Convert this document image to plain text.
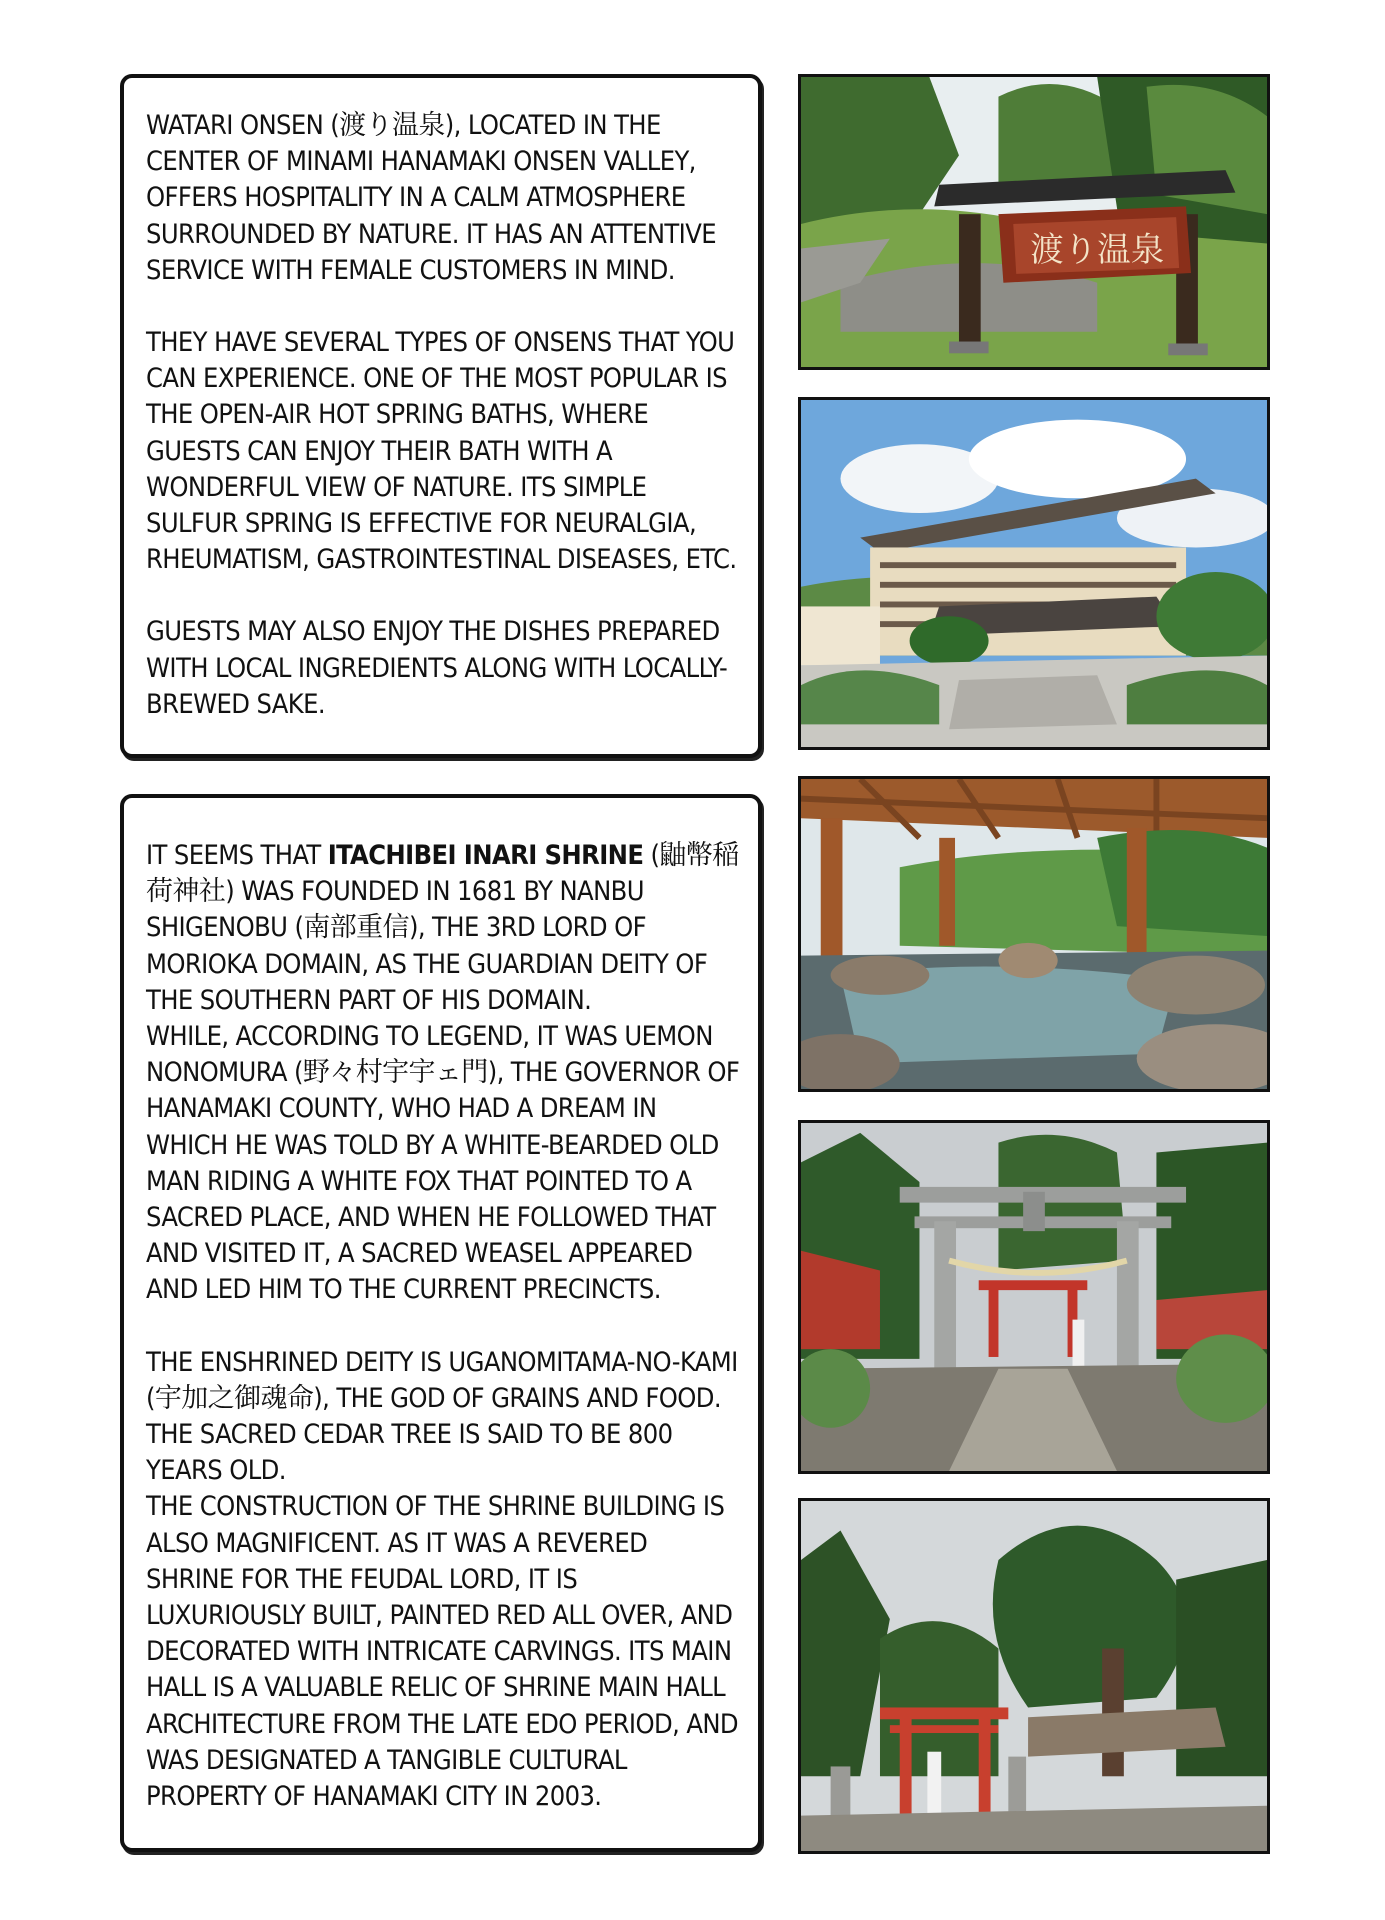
WATARI ONSEN (渡り温泉), LOCATED IN THE CENTER OF MINAMI HANAMAKI ONSEN VALLEY, OFFERS HOSPITALITY IN A CALM ATMOSPHERE SURROUNDED BY NATURE. IT HAS AN ATTENTIVE SERVICE WITH FEMALE CUSTOMERS IN MIND.

THEY HAVE SEVERAL TYPES OF ONSENS THAT YOU CAN EXPERIENCE. ONE OF THE MOST POPULAR IS THE OPEN-AIR HOT SPRING BATHS, WHERE GUESTS CAN ENJOY THEIR BATH WITH A WONDERFUL VIEW OF NATURE. ITS SIMPLE SULFUR SPRING IS EFFECTIVE FOR NEURALGIA, RHEUMATISM, GASTROINTESTINAL DISEASES, ETC.

GUESTS MAY ALSO ENJOY THE DISHES PREPARED WITH LOCAL INGREDIENTS ALONG WITH LOCALLY-BREWED SAKE.

IT SEEMS THAT ITACHIBEI INARI SHRINE (鼬幣稲荷神社) WAS FOUNDED IN 1681 BY NANBU SHIGENOBU (南部重信), THE 3RD LORD OF MORIOKA DOMAIN, AS THE GUARDIAN DEITY OF THE SOUTHERN PART OF HIS DOMAIN.

WHILE, ACCORDING TO LEGEND, IT WAS UEMON NONOMURA (野々村宇宇ェ門), THE GOVERNOR OF HANAMAKI COUNTY, WHO HAD A DREAM IN WHICH HE WAS TOLD BY A WHITE-BEARDED OLD MAN RIDING A WHITE FOX THAT POINTED TO A SACRED PLACE, AND WHEN HE FOLLOWED THAT AND VISITED IT, A SACRED WEASEL APPEARED AND LED HIM TO THE CURRENT PRECINCTS.

THE ENSHRINED DEITY IS UGANOMITAMA-NO-KAMI (宇加之御魂命), THE GOD OF GRAINS AND FOOD. THE SACRED CEDAR TREE IS SAID TO BE 800 YEARS OLD.

THE CONSTRUCTION OF THE SHRINE BUILDING IS ALSO MAGNIFICENT. AS IT WAS A REVERED SHRINE FOR THE FEUDAL LORD, IT IS LUXURIOUSLY BUILT, PAINTED RED ALL OVER, AND DECORATED WITH INTRICATE CARVINGS. ITS MAIN HALL IS A VALUABLE RELIC OF SHRINE MAIN HALL ARCHITECTURE FROM THE LATE EDO PERIOD, AND WAS DESIGNATED A TANGIBLE CULTURAL PROPERTY OF HANAMAKI CITY IN 2003.

渡り温泉
